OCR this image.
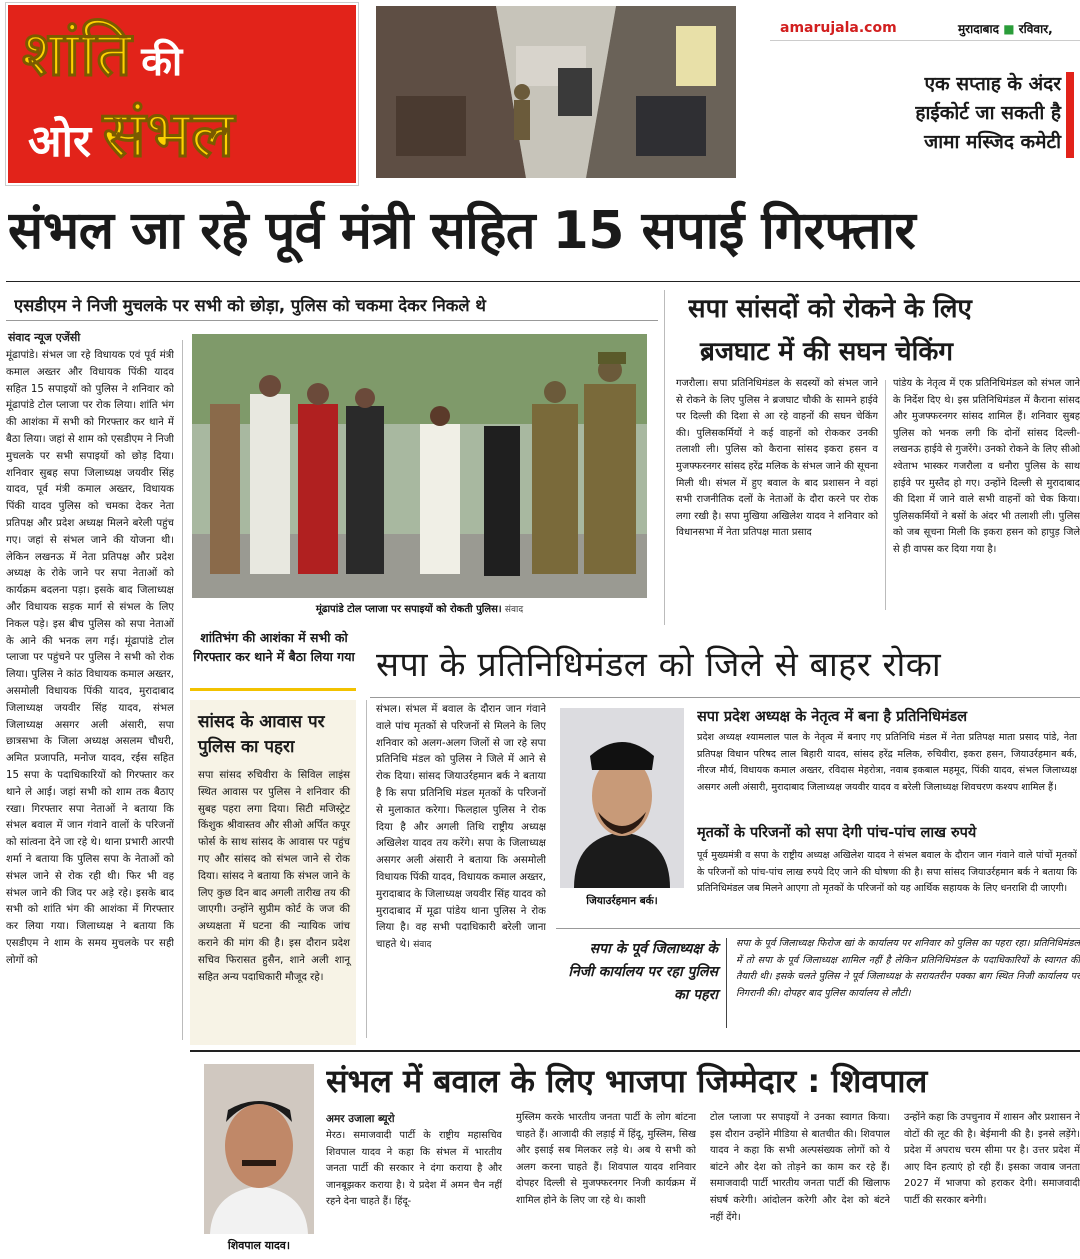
शांति की
ओर संभल
amarujala.com	मुरादाबाद ■ रविवार,
एक सप्ताह के अंदर हाईकोर्ट जा सकती है जामा मस्जिद कमेटी
संभल जा रहे पूर्व मंत्री सहित 15 सपाई गिरफ्तार
एसडीएम ने निजी मुचलके पर सभी को छोड़ा, पुलिस को चकमा देकर निकले थे
संवाद न्यूज एजेंसी
मूंढापांडे। संभल जा रहे विधायक एवं पूर्व मंत्री कमाल अख्तर और विधायक पिंकी यादव सहित 15 सपाइयों को पुलिस ने शनिवार को मूंढापांडे टोल प्लाजा पर रोक लिया। शांति भंग की आशंका में सभी को गिरफ्तार कर थाने में बैठा लिया। जहां से शाम को एसडीएम ने निजी मुचलके पर सभी सपाइयों को छोड़ दिया। शनिवार सुबह सपा जिलाध्यक्ष जयवीर सिंह यादव, पूर्व मंत्री कमाल अख्तर, विधायक पिंकी यादव पुलिस को चमका देकर नेता प्रतिपक्ष और प्रदेश अध्यक्ष मिलने बरेली पहुंच गए। जहां से संभल जाने की योजना थी। लेकिन लखनऊ में नेता प्रतिपक्ष और प्रदेश अध्यक्ष के रोके जाने पर सपा नेताओं को कार्यक्रम बदलना पड़ा। इसके बाद जिलाध्यक्ष और विधायक सड़क मार्ग से संभल के लिए निकल पड़े। इस बीच पुलिस को सपा नेताओं के आने की भनक लग गई। मूंढापांडे टोल प्लाजा पर पहुंचने पर पुलिस ने सभी को रोक लिया। पुलिस ने कांठ विधायक कमाल अख्तर, असमोली विधायक पिंकी यादव, मुरादाबाद जिलाध्यक्ष जयवीर सिंह यादव, संभल जिलाध्यक्ष असगर अली अंसारी, सपा छात्रसभा के जिला अध्यक्ष असलम चौधरी, अमित प्रजापति, मनोज यादव, रईस सहित 15 सपा के पदाधिकारियों को गिरफ्तार कर थाने ले आई। जहां सभी को शाम तक बैठाए रखा। गिरफ्तार सपा नेताओं ने बताया कि संभल बवाल में जान गंवाने वालों के परिजनों को सांत्वना देने जा रहे थे। थाना प्रभारी आरपी शर्मा ने बताया कि पुलिस सपा के नेताओं को संभल जाने से रोक रही थी। फिर भी वह संभल जाने की जिद पर अड़े रहे। इसके बाद सभी को शांति भंग की आशंका में गिरफ्तार कर लिया गया। जिलाध्यक्ष ने बताया कि एसडीएम ने शाम के समय मुचलके पर सही लोगों को
मूंढापांडे टोल प्लाजा पर सपाइयों को रोकती पुलिस। संवाद
शांतिभंग की आशंका में सभी को गिरफ्तार कर थाने में बैठा लिया गया
सांसद के आवास पर पुलिस का पहरा
सपा सांसद रुचिवीरा के सिविल लाइंस स्थित आवास पर पुलिस ने शनिवार की सुबह पहरा लगा दिया। सिटी मजिस्ट्रेट किंशुक श्रीवास्तव और सीओ अर्पित कपूर फोर्स के साथ सांसद के आवास पर पहुंच गए और सांसद को संभल जाने से रोक दिया। सांसद ने बताया कि संभल जाने के लिए कुछ दिन बाद अगली तारीख तय की जाएगी। उन्होंने सुप्रीम कोर्ट के जज की अध्यक्षता में घटना की न्यायिक जांच कराने की मांग की है। इस दौरान प्रदेश सचिव फिरासत हुसैन, शाने अली शानू सहित अन्य पदाधिकारी मौजूद रहे।
सपा सांसदों को रोकने के लिए
ब्रजघाट में की सघन चेकिंग
गजरौला। सपा प्रतिनिधिमंडल के सदस्यों को संभल जाने से रोकने के लिए पुलिस ने ब्रजघाट चौकी के सामने हाईवे पर दिल्ली की दिशा से आ रहे वाहनों की सघन चेकिंग की। पुलिसकर्मियों ने कई वाहनों को रोककर उनकी तलाशी ली। पुलिस को कैराना सांसद इकरा हसन व मुजफ्फरनगर सांसद हरेंद्र मलिक के संभल जाने की सूचना मिली थी। संभल में हुए बवाल के बाद प्रशासन ने वहां सभी राजनीतिक दलों के नेताओं के दौरा करने पर रोक लगा रखी है। सपा मुखिया अखिलेश यादव ने शनिवार को विधानसभा में नेता प्रतिपक्ष माता प्रसाद
पांडेय के नेतृत्व में एक प्रतिनिधिमंडल को संभल जाने के निर्देश दिए थे। इस प्रतिनिधिमंडल में कैराना सांसद और मुजफ्फरनगर सांसद शामिल हैं। शनिवार सुबह पुलिस को भनक लगी कि दोनों सांसद दिल्ली-लखनऊ हाईवे से गुजरेंगे। उनको रोकने के लिए सीओ श्वेताभ भास्कर गजरौला व धनौरा पुलिस के साथ हाईवे पर मुस्तैद हो गए। उन्होंने दिल्ली से मुरादाबाद की दिशा में जाने वाले सभी वाहनों को चेक किया। पुलिसकर्मियों ने बसों के अंदर भी तलाशी ली। पुलिस को जब सूचना मिली कि इकरा हसन को हापुड़ जिले से ही वापस कर दिया गया है।
सपा के प्रतिनिधिमंडल को जिले से बाहर रोका
संभल। संभल में बवाल के दौरान जान गंवाने वाले पांच मृतकों से परिजनों से मिलने के लिए शनिवार को अलग-अलग जिलों से जा रहे सपा प्रतिनिधि मंडल को पुलिस ने जिले में आने से रोक दिया। सांसद जियाउर्रहमान बर्क ने बताया है कि सपा प्रतिनिधि मंडल मृतकों के परिजनों से मुलाकात करेगा। फिलहाल पुलिस ने रोक दिया है और अगली तिथि राष्ट्रीय अध्यक्ष अखिलेश यादव तय करेंगे। सपा के जिलाध्यक्ष असगर अली अंसारी ने बताया कि असमोली विधायक पिंकी यादव, विधायक कमाल अख्तर, मुरादाबाद के जिलाध्यक्ष जयवीर सिंह यादव को मुरादाबाद में मूढा पांडेय थाना पुलिस ने रोक लिया है। वह सभी पदाधिकारी बरेली जाना चाहते थे। संवाद
जियाउर्रहमान बर्क।
सपा प्रदेश अध्यक्ष के नेतृत्व में बना है प्रतिनिधिमंडल
प्रदेश अध्यक्ष श्यामलाल पाल के नेतृत्व में बनाए गए प्रतिनिधि मंडल में नेता प्रतिपक्ष माता प्रसाद पांडे, नेता प्रतिपक्ष विधान परिषद लाल बिहारी यादव, सांसद हरेंद्र मलिक, रुचिवीरा, इकरा हसन, जियाउर्रहमान बर्क, नीरज मौर्य, विधायक कमाल अख्तर, रविदास मेहरोत्रा, नवाब इकबाल महमूद, पिंकी यादव, संभल जिलाध्यक्ष असगर अली अंसारी, मुरादाबाद जिलाध्यक्ष जयवीर यादव व बरेली जिलाध्यक्ष शिवचरण कश्यप शामिल हैं।
मृतकों के परिजनों को सपा देगी पांच-पांच लाख रुपये
पूर्व मुख्यमंत्री व सपा के राष्ट्रीय अध्यक्ष अखिलेश यादव ने संभल बवाल के दौरान जान गंवाने वाले पांचों मृतकों के परिजनों को पांच-पांच लाख रुपये दिए जाने की घोषणा की है। सपा सांसद जियाउर्रहमान बर्क ने बताया कि प्रतिनिधिमंडल जब मिलने आएगा तो मृतकों के परिजनों को यह आर्थिक सहायक के लिए धनराशि दी जाएगी।
सपा के पूर्व जिलाध्यक्ष के निजी कार्यालय पर रहा पुलिस का पहरा
सपा के पूर्व जिलाध्यक्ष फिरोज खां के कार्यालय पर शनिवार को पुलिस का पहरा रहा। प्रतिनिधिमंडल में तो सपा के पूर्व जिलाध्यक्ष शामिल नहीं है लेकिन प्रतिनिधिमंडल के पदाधिकारियों के स्वागत की तैयारी थी। इसके चलते पुलिस ने पूर्व जिलाध्यक्ष के सरायतरीन पक्का बाग स्थित निजी कार्यालय पर निगरानी की। दोपहर बाद पुलिस कार्यालय से लौटी।
शिवपाल यादव।
संभल में बवाल के लिए भाजपा जिम्मेदार : शिवपाल
अमर उजाला ब्यूरो
मेरठ। समाजवादी पार्टी के राष्ट्रीय महासचिव शिवपाल यादव ने कहा कि संभल में भारतीय जनता पार्टी की सरकार ने दंगा कराया है और जानबूझकर कराया है। ये प्रदेश में अमन चैन नहीं रहने देना चाहते हैं। हिंदू-
मुस्लिम करके भारतीय जनता पार्टी के लोग बांटना चाहते हैं। आजादी की लड़ाई में हिंदू, मुस्लिम, सिख और इसाई सब मिलकर लड़े थे। अब ये सभी को अलग करना चाहते हैं। शिवपाल यादव शनिवार दोपहर दिल्ली से मुजफ्फरनगर निजी कार्यक्रम में शामिल होने के लिए जा रहे थे। काशी
टोल प्लाजा पर सपाइयों ने उनका स्वागत किया। इस दौरान उन्होंने मीडिया से बातचीत की। शिवपाल यादव ने कहा कि सभी अल्पसंख्यक लोगों को ये बांटने और देश को तोड़ने का काम कर रहे हैं। समाजवादी पार्टी भारतीय जनता पार्टी की खिलाफ संघर्ष करेगी। आंदोलन करेगी और देश को बंटने नहीं देंगे।
उन्होंने कहा कि उपचुनाव में शासन और प्रशासन ने वोटों की लूट की है। बेईमानी की है। इनसे लड़ेंगे। प्रदेश में अपराध चरम सीमा पर है। उत्तर प्रदेश में आए दिन हत्याएं हो रही हैं। इसका जवाब जनता 2027 में भाजपा को हराकर देगी। समाजवादी पार्टी की सरकार बनेगी।
